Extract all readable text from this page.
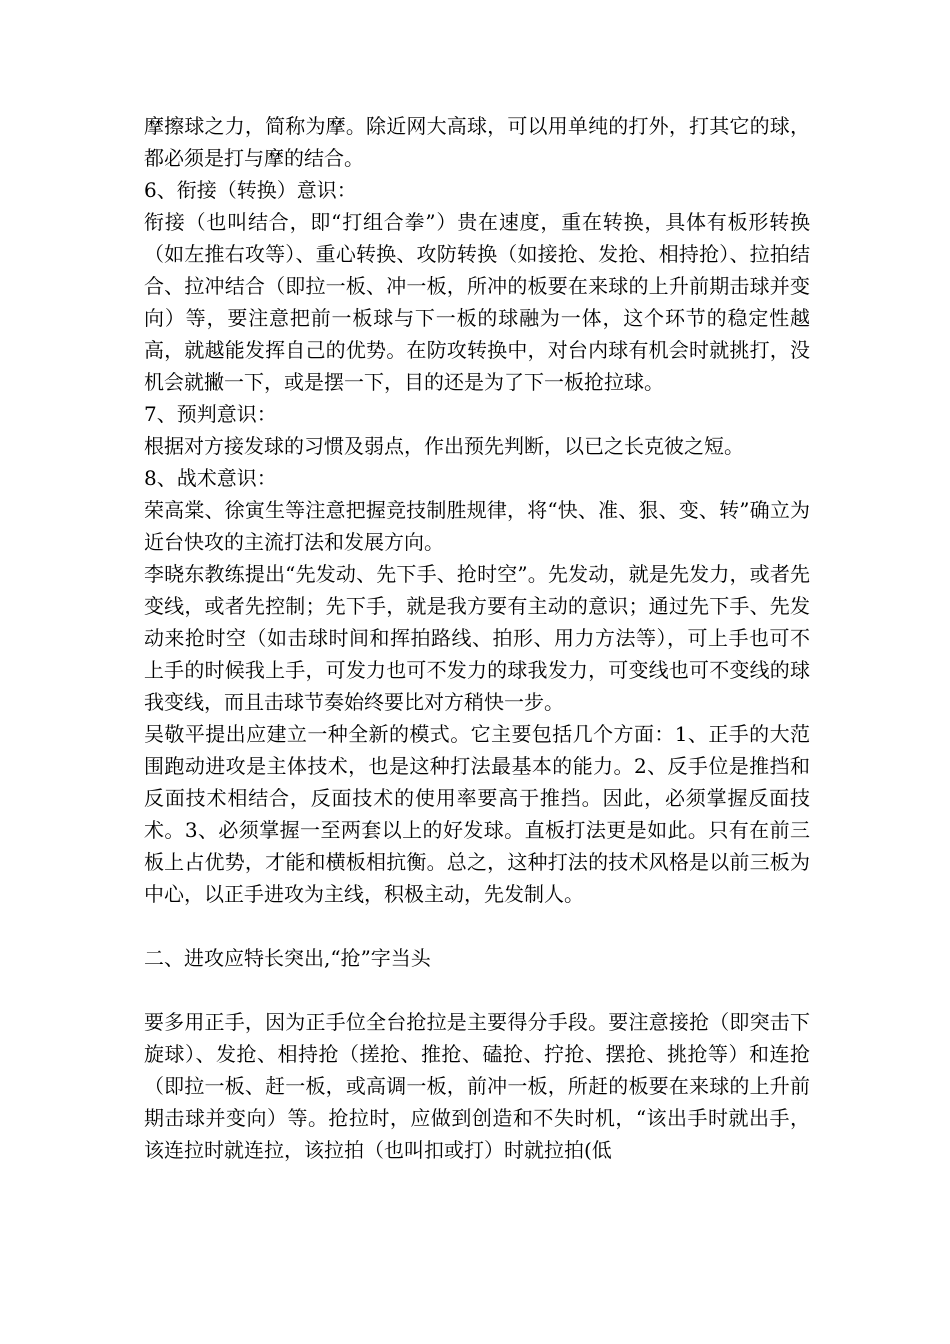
摩擦球之力，简称为摩。除近网大高球，可以用单纯的打外，打其它的球，都必须是打与摩的结合。

6、衔接（转换）意识：

衔接（也叫结合，即“打组合拳”）贵在速度，重在转换，具体有板形转换（如左推右攻等）、重心转换、攻防转换（如接抢、发抢、相持抢）、拉拍结合、拉冲结合（即拉一板、冲一板，所冲的板要在来球的上升前期击球并变向）等，要注意把前一板球与下一板的球融为一体，这个环节的稳定性越高，就越能发挥自己的优势。在防攻转换中，对台内球有机会时就挑打，没机会就撇一下，或是摆一下，目的还是为了下一板抢拉球。

7、预判意识：

根据对方接发球的习惯及弱点，作出预先判断，以已之长克彼之短。

8、战术意识：

荣高棠、徐寅生等注意把握竞技制胜规律，将“快、准、狠、变、转”确立为近台快攻的主流打法和发展方向。

李晓东教练提出“先发动、先下手、抢时空”。先发动，就是先发力，或者先变线，或者先控制；先下手，就是我方要有主动的意识；通过先下手、先发动来抢时空（如击球时间和挥拍路线、拍形、用力方法等），可上手也可不上手的时候我上手，可发力也可不发力的球我发力，可变线也可不变线的球我变线，而且击球节奏始终要比对方稍快一步。

吴敬平提出应建立一种全新的模式。它主要包括几个方面：1、正手的大范围跑动进攻是主体技术，也是这种打法最基本的能力。2、反手位是推挡和反面技术相结合，反面技术的使用率要高于推挡。因此，必须掌握反面技术。3、必须掌握一至两套以上的好发球。直板打法更是如此。只有在前三板上占优势，才能和横板相抗衡。总之，这种打法的技术风格是以前三板为中心，以正手进攻为主线，积极主动，先发制人。

二、进攻应特长突出,“抢”字当头

要多用正手，因为正手位全台抢拉是主要得分手段。要注意接抢（即突击下旋球）、发抢、相持抢（搓抢、推抢、磕抢、拧抢、摆抢、挑抢等）和连抢（即拉一板、赶一板，或高调一板，前冲一板，所赶的板要在来球的上升前期击球并变向）等。抢拉时，应做到创造和不失时机，“该出手时就出手，该连拉时就连拉，该拉拍（也叫扣或打）时就拉拍(低
